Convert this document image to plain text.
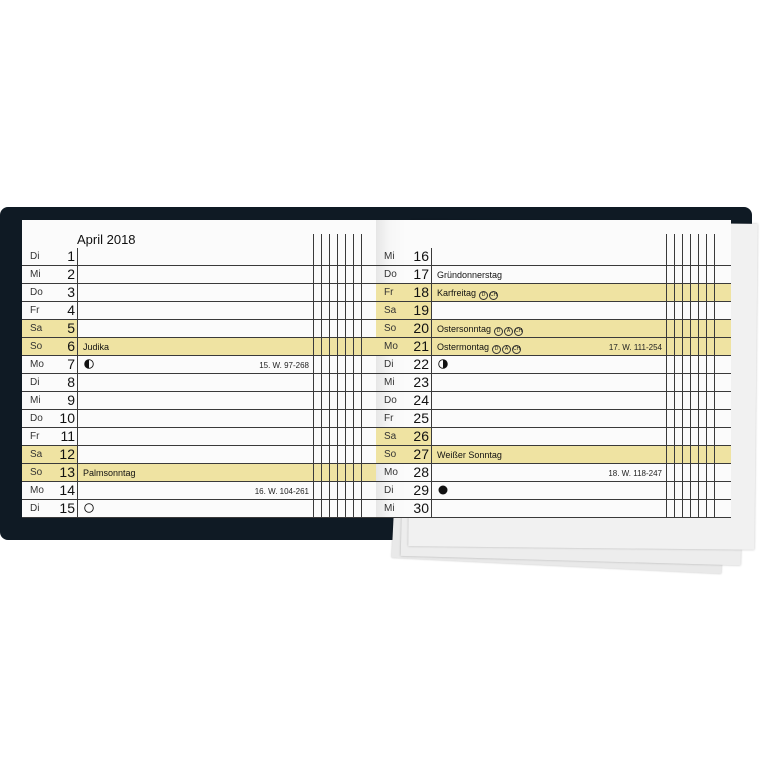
April 2018
Di	1
Mi	2
Do	3
Fr	4
Sa	5
So	6 Judika
Mo	7	15. W. 97-268
Di	8
Mi	9
Do	10
Fr	11
Sa	12
So	13 Palmsonntag
Mo	14	16. W. 104-261
Di	15
Mi	16
Do	17 Gründonnerstag
Fr	18 Karfreitag D CH
Sa	19
So	20 Ostersonntag D A CH
Mo	21 Ostermontag D A CH	17. W. 111-254
Di	22
Mi	23
Do	24
Fr	25
Sa	26
So	27 Weißer Sonntag
Mo	28	18. W. 118-247
Di	29
Mi	30
